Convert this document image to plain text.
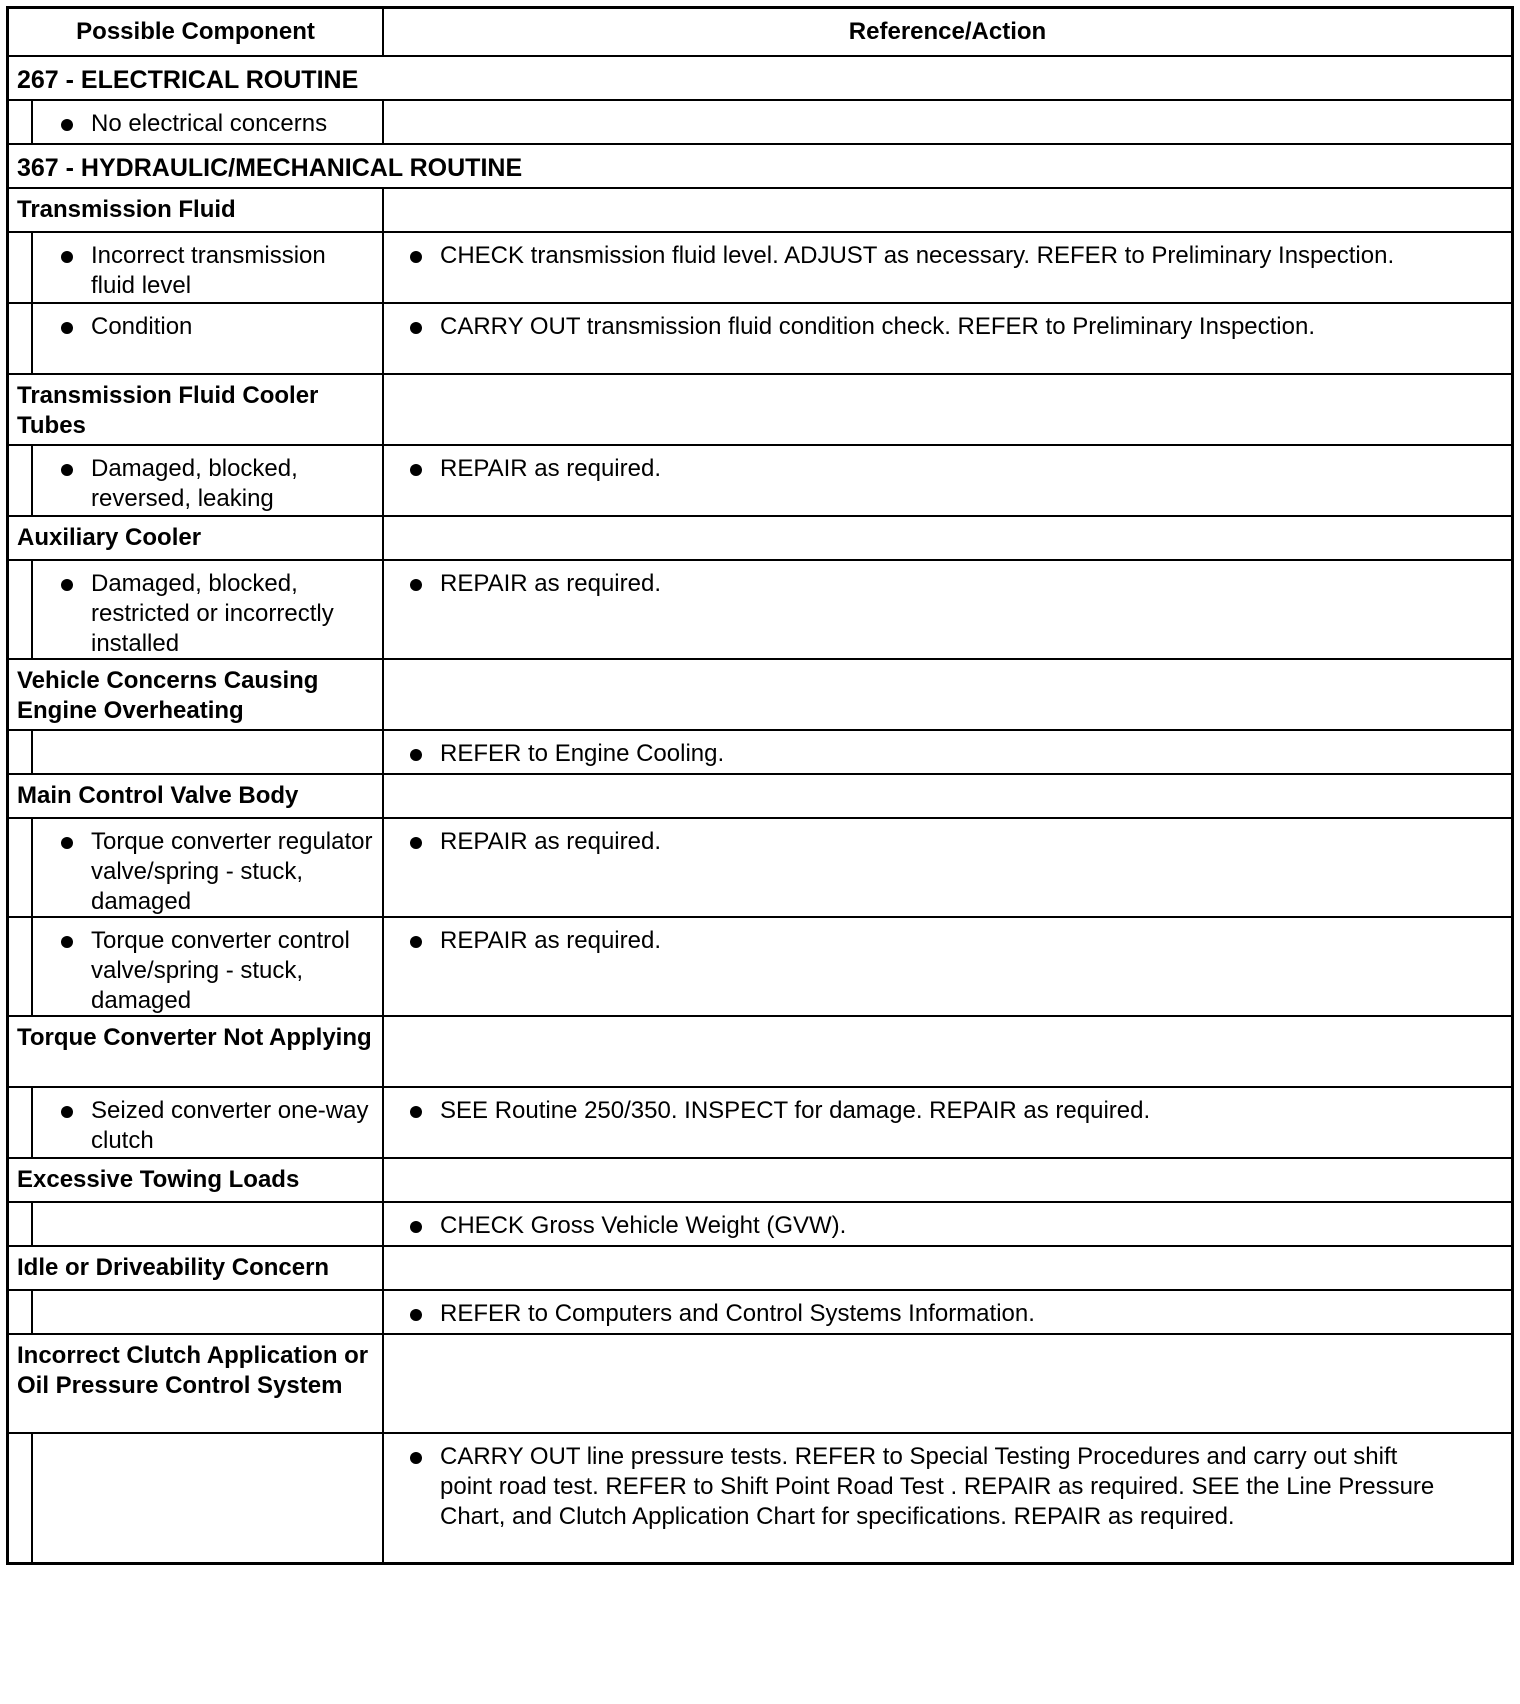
Possible Component	Reference/Action
267 - ELECTRICAL ROUTINE
No electrical concerns
367 - HYDRAULIC/MECHANICAL ROUTINE
Transmission Fluid
Incorrect transmission fluid level
CHECK transmission fluid level. ADJUST as necessary. REFER to Preliminary Inspection.
Condition	CARRY OUT transmission fluid condition check. REFER to Preliminary Inspection.
Transmission Fluid Cooler Tubes
Damaged, blocked, reversed, leaking
REPAIR as required.
Auxiliary Cooler
Damaged, blocked, restricted or incorrectly installed
REPAIR as required.
Vehicle Concerns Causing Engine Overheating
REFER to Engine Cooling.
Main Control Valve Body
Torque converter regulator valve/spring - stuck, damaged
REPAIR as required.
Torque converter control valve/spring - stuck, damaged
REPAIR as required.
Torque Converter Not Applying
Seized converter one-way clutch
SEE Routine 250/350. INSPECT for damage. REPAIR as required.
Excessive Towing Loads
CHECK Gross Vehicle Weight (GVW).
Idle or Driveability Concern
REFER to Computers and Control Systems Information.
Incorrect Clutch Application or Oil Pressure Control System
CARRY OUT line pressure tests. REFER to Special Testing Procedures and carry out shift point road test. REFER to Shift Point Road Test . REPAIR as required. SEE the Line Pressure Chart, and Clutch Application Chart for specifications. REPAIR as required.
